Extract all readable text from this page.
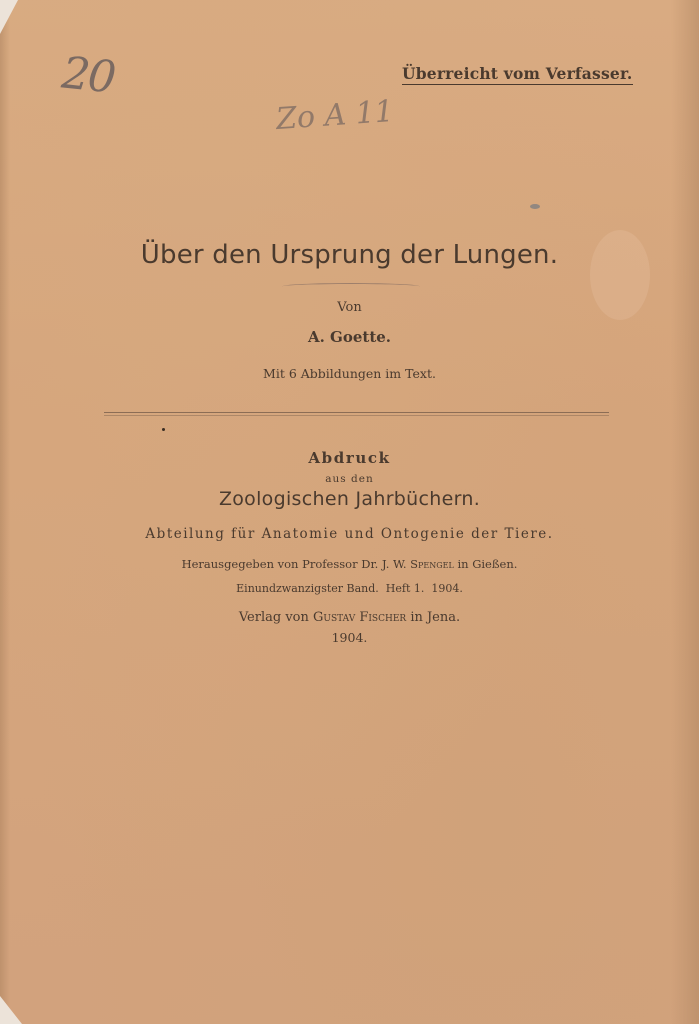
20
Zo A 11
Überreicht vom Verfasser.
Über den Ursprung der Lungen.
Von
A. Goette.
Mit 6 Abbildungen im Text.
Abdruck
aus den
Zoologischen Jahrbüchern.
Abteilung für Anatomie und Ontogenie der Tiere.
Herausgegeben von Professor Dr. J. W. Spengel in Gießen.
Einundzwanzigster Band.  Heft 1.  1904.
Verlag von Gustav Fischer in Jena.
1904.
